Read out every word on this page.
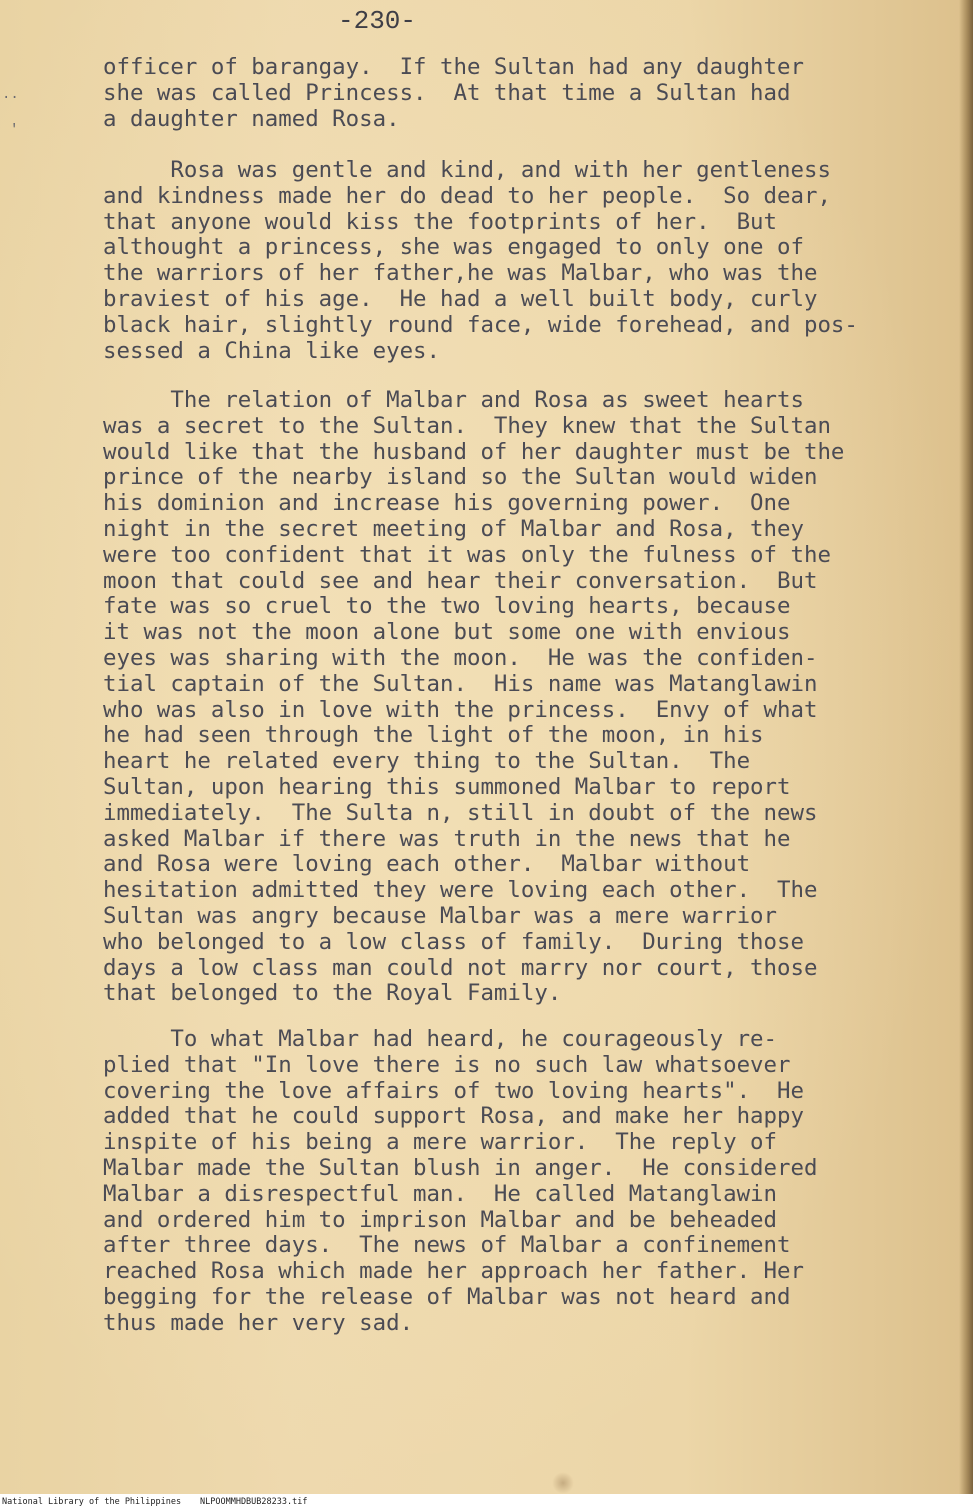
-230-
··
'
officer of barangay.  If the Sultan had any daughter
she was called Princess.  At that time a Sultan had
a daughter named Rosa.
Rosa was gentle and kind, and with her gentleness
and kindness made her do dead to her people.  So dear,
that anyone would kiss the footprints of her.  But
althought a princess, she was engaged to only one of
the warriors of her father,he was Malbar, who was the
braviest of his age.  He had a well built body, curly
black hair, slightly round face, wide forehead, and pos-
sessed a China like eyes.
The relation of Malbar and Rosa as sweet hearts
was a secret to the Sultan.  They knew that the Sultan
would like that the husband of her daughter must be the
prince of the nearby island so the Sultan would widen
his dominion and increase his governing power.  One
night in the secret meeting of Malbar and Rosa, they
were too confident that it was only the fulness of the
moon that could see and hear their conversation.  But
fate was so cruel to the two loving hearts, because
it was not the moon alone but some one with envious
eyes was sharing with the moon.  He was the confiden-
tial captain of the Sultan.  His name was Matanglawin
who was also in love with the princess.  Envy of what
he had seen through the light of the moon, in his
heart he related every thing to the Sultan.  The
Sultan, upon hearing this summoned Malbar to report
immediately.  The Sulta n, still in doubt of the news
asked Malbar if there was truth in the news that he
and Rosa were loving each other.  Malbar without
hesitation admitted they were loving each other.  The
Sultan was angry because Malbar was a mere warrior
who belonged to a low class of family.  During those
days a low class man could not marry nor court, those
that belonged to the Royal Family.
To what Malbar had heard, he courageously re-
plied that "In love there is no such law whatsoever
covering the love affairs of two loving hearts".  He
added that he could support Rosa, and make her happy
inspite of his being a mere warrior.  The reply of
Malbar made the Sultan blush in anger.  He considered
Malbar a disrespectful man.  He called Matanglawin
and ordered him to imprison Malbar and be beheaded
after three days.  The news of Malbar a confinement
reached Rosa which made her approach her father. Her
begging for the release of Malbar was not heard and
thus made her very sad.
National Library of the Philippines NLPOOMMHDBUB28233.tif
